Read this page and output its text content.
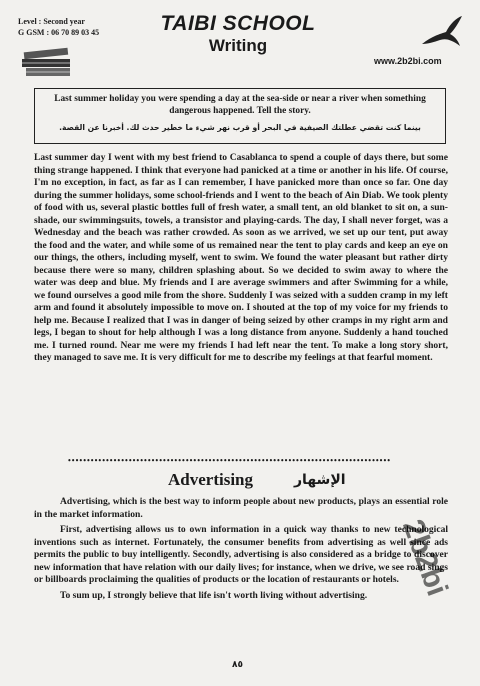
Level : Second year
G GSM : 06 70 89 03 45	TAIBI SCHOOL
Writing
www.2b2bi.com

Last summer holiday you were spending a day at the sea-side or near a river when something dangerous happened. Tell the story.

بينما كنت تقضي عطلتك الصيفية في البحر أو قرب نهر شيء ما خطير حدث لك. أخبرنا عن القصة.

Last summer day I went with my best friend to Casablanca to spend a couple of days there, but some thing strange happened. I think that everyone had panicked at a time or another in his life. Of course, I'm no exception, in fact, as far as I can remember, I have panicked more than once so far. One day during the summer holidays, some school-friends and I went to the beach of Ain Diab. We took plenty of food with us, several plastic bottles full of fresh water, a small tent, an old blanket to sit on, a sun-shade, our swimmingsuits, towels, a transistor and playing-cards. The day, I shall never forget, was a Wednesday and the beach was rather crowded. As soon as we arrived, we set up our tent, put away the food and the water, and while some of us remained near the tent to play cards and keep an eye on our things, the others, including myself, went to swim. We found the water pleasant but rather dirty because there were so many, children splashing about. So we decided to swim away to where the water was deep and blue. My friends and I are average swimmers and after Swimming for a while, we found ourselves a good mile from the shore. Suddenly I was seized with a sudden cramp in my left arm and found it absolutely impossible to move on. I shouted at the top of my voice for my friends to help me. Because I realized that I was in danger of being seized by other cramps in my right arm and legs, I began to shout for help although I was a long distance from anyone. Suddenly a hand touched me. I turned round. Near me were my friends I had left near the tent. To make a long story short, they managed to save me. It is very difficult for me to describe my feelings at that fearful moment.

•••••••••••••••••••••••••••••••••••••••••••••••••••••••••••••••••••••••••••••••••••••
Advertising	الإشهار

Advertising, which is the best way to inform people about new products, plays an essential role in the market information.

First, advertising allows us to own information in a quick way thanks to new technological inventions such as internet. Fortunately, the consumer benefits from advertising as well since ads permits the public to buy intelligently. Secondly, advertising is also considered as a bridge to discover new information that have relation with our daily lives; for instance, when we drive, we see road sings or billboards proclaiming the qualities of products or the location of restaurants or hotels.

To sum up, I strongly believe that life isn't worth living without advertising. 2b2bi
٨٥
